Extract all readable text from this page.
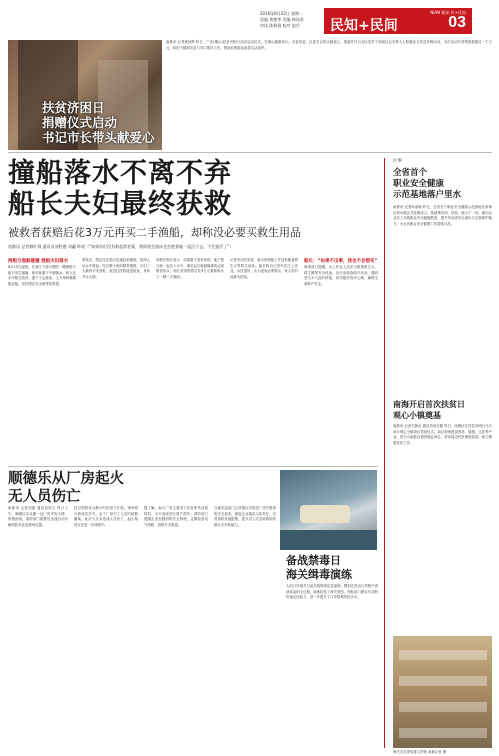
2016年8月22日 星期一
责编 黄艳华 美编 林泳希
审读 陈秋瑞 校对 赵丹
NIAN 新安·民+民问
民知+民间	03
扶贫济困日
捐赠仪式启动
书记市长带头献爱心
南都讯 记者黄扬辉 昨日，广东(佛山)扶贫济困日活动启动仪式，在佛山隆重举行。市委常委、区委书记带头献爱心，捐款并号召全区党员干部和社会各界人士积极参与扶贫济困活动。本次活动共募集善款超过一千万元，将用于精准扶贫与对口帮扶工作，帮助贫困群众改善生活条件。
撞船落水不离不弃
船长夫妇最终获救
被救者获赔后花3万元再买二手渔船，却称没必要买救生用品
南都讯 记者赖叶舜 通讯员刘胜德 刘蕙 昨夜（“如果你们没有救起我老婆，我即使会游泳也会抱着她一起沉下去，不会独活了”）
两船与渔船碰撞 渔船夫妇落水
8月13日凌晨，在西江下游行驶的一艘渔船与船只发生碰撞，船长和妻子不慎落水。两人在水中相互扶持，妻子不会游泳，丈夫始终紧紧抱住她，坚持漂浮在水面等待救援。
事发后，附近过往船只迅速赶来施救，将两人从水中救起。经过数小时的紧张搜救，夫妇二人最终平安获救，被送往医院接受检查，身体并无大碍。
获救后船长表示，如果妻子没有获救，他宁愿与她一起沉入水中。事后双方就碰撞事故达成赔偿协议，船长获得赔偿后花3万元重新购买了一艘二手渔船。
记者采访时发现，新买的渔船上并没有配备救生衣等救生用品。船长称自己常年在江上作业，水性很好，认为没有必要购买，家人则对此颇为担忧。
船长：“如果不出事，我也不会想买”
海事部门提醒，水上作业人员应当配备救生衣、救生圈等安全设备，出行前检查船只状况，遇到恶劣天气及时停航，切勿抱有侥幸心理，确保生命财产安全。
顺德乐从厂房起火
无人员伤亡
南都讯 记者刘丽 通讯员何文 昨日上午，顺德区乐从镇一处厂房突发火情，浓烟滚滚。消防部门接警后迅速出动多辆消防车赶赴现场处置。
经过消防官兵数小时的奋力扑救，现场明火被成功扑灭。由于厂房内工人及时疏散撤离，此次火灾未造成人员伤亡，起火原因正在进一步调查中。
据了解，起火厂房主要用于存放家具及原材料，火灾造成部分财产损失。消防部门提醒企业加强消防安全管理，定期检查电气线路，消除火灾隐患。
当地安监部门已对辖区内同类厂房开展消防安全检查，督促企业落实主体责任，完善消防设施配置，提升员工应急疏散和初期火灾扑救能力。
备战禁毒日
海关缉毒演练
大沥口岸海关日前开展缉毒应急演练，模拟在进出口货物中查获毒品的全过程。演练检验了海关查验、缉私部门联合行动的快速反应能力，进一步提升了口岸禁毒防控水平。
区事
全省首个
职业安全健康
示范基地落户里水
南都讯 记者叶嘉敏 昨日，全省首个职业安全健康示范基地在南海区里水镇正式挂牌成立。基地集培训、体验、展示于一体，面向企业员工开展职业安全健康教育，提升劳动者安全意识与自我保护能力，为全省职业安全健康工作提供示范。
南海开启首次扶贫日
观心小镇奠基
南都讯 记者关婉贞 通讯员何宏健 昨日，南海区在扶贫济困日当天举行观心小镇项目奠基仪式。项目规划建设养老、健康、文化等产业，将为当地群众提供就业岗位，带动周边村民增收致富，助力精准扶贫工作。
海关关员查验进口货物 南都记者 摄
